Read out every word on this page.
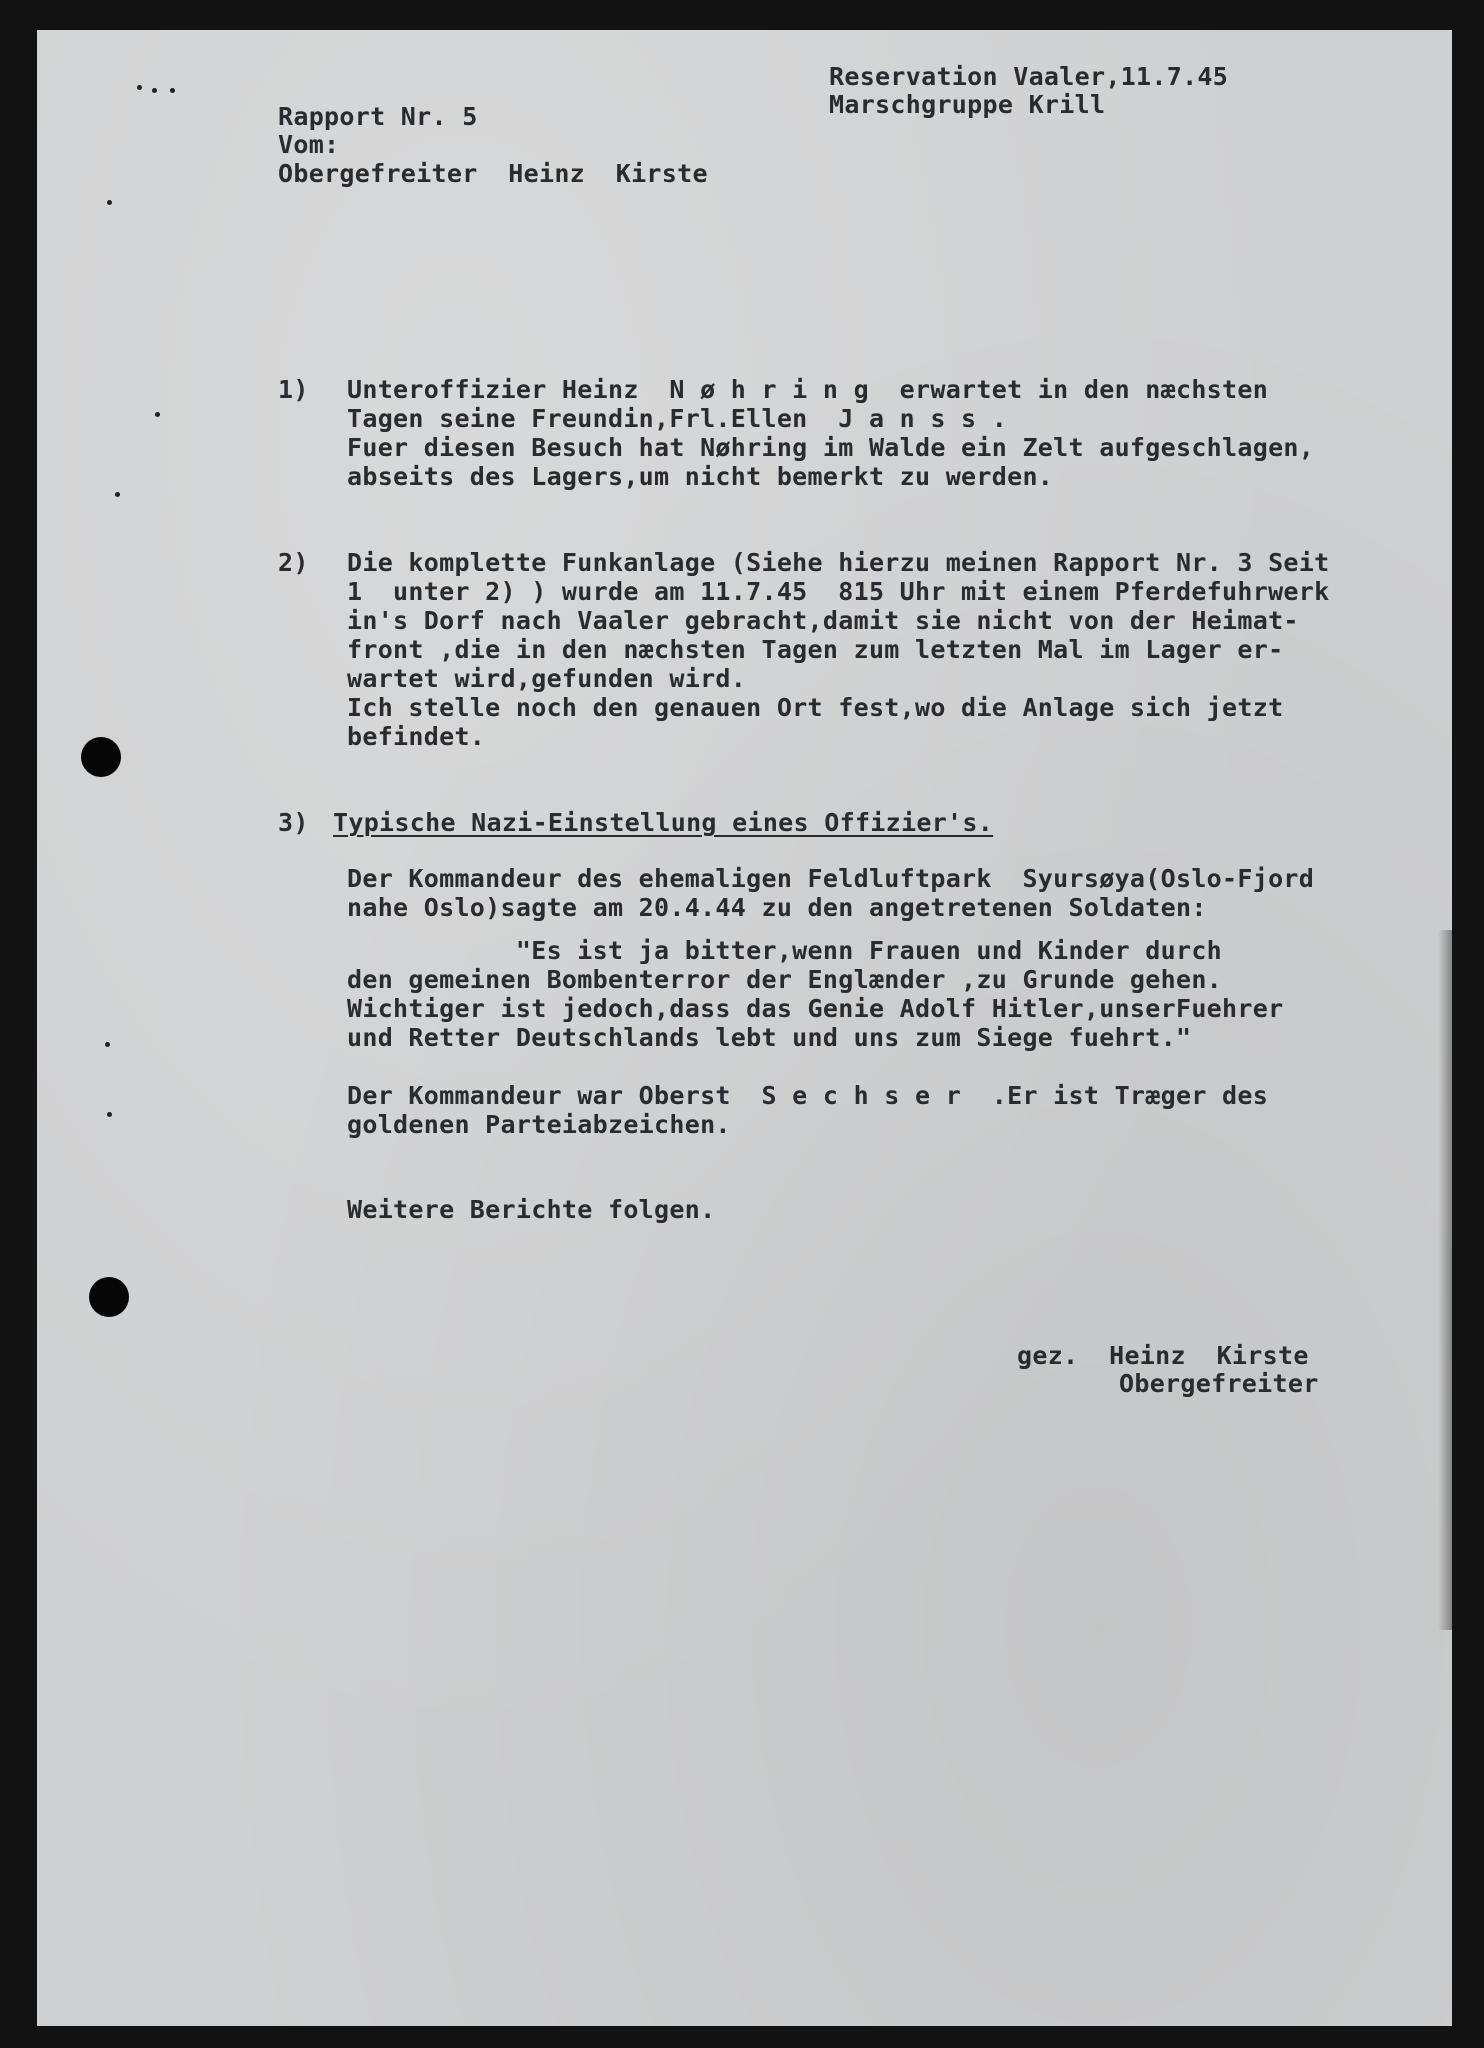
Reservation Vaaler,11.7.45

Marschgruppe Krill

Rapport Nr. 5

Vom:

Obergefreiter  Heinz  Kirste

1) Unteroffizier Heinz  N ø h r i n g  erwartet in den næchsten

Tagen seine Freundin,Frl.Ellen  J a n s s .

Fuer diesen Besuch hat Nøhring im Walde ein Zelt aufgeschlagen,

abseits des Lagers,um nicht bemerkt zu werden.

2) Die komplette Funkanlage (Siehe hierzu meinen Rapport Nr. 3 Seit

1  unter 2) ) wurde am 11.7.45  815 Uhr mit einem Pferdefuhrwerk

in's Dorf nach Vaaler gebracht,damit sie nicht von der Heimat-

front ,die in den næchsten Tagen zum letzten Mal im Lager er-

wartet wird,gefunden wird.

Ich stelle noch den genauen Ort fest,wo die Anlage sich jetzt

befindet.

3) Typische Nazi-Einstellung eines Offizier's.

Der Kommandeur des ehemaligen Feldluftpark  Syursøya(Oslo-Fjord

nahe Oslo)sagte am 20.4.44 zu den angetretenen Soldaten:

"Es ist ja bitter,wenn Frauen und Kinder durch

den gemeinen Bombenterror der Englænder ,zu Grunde gehen.

Wichtiger ist jedoch,dass das Genie Adolf Hitler,unserFuehrer

und Retter Deutschlands lebt und uns zum Siege fuehrt."

Der Kommandeur war Oberst  S e c h s e r  .Er ist Træger des

goldenen Parteiabzeichen.

Weitere Berichte folgen.

gez.  Heinz  Kirste

Obergefreiter
